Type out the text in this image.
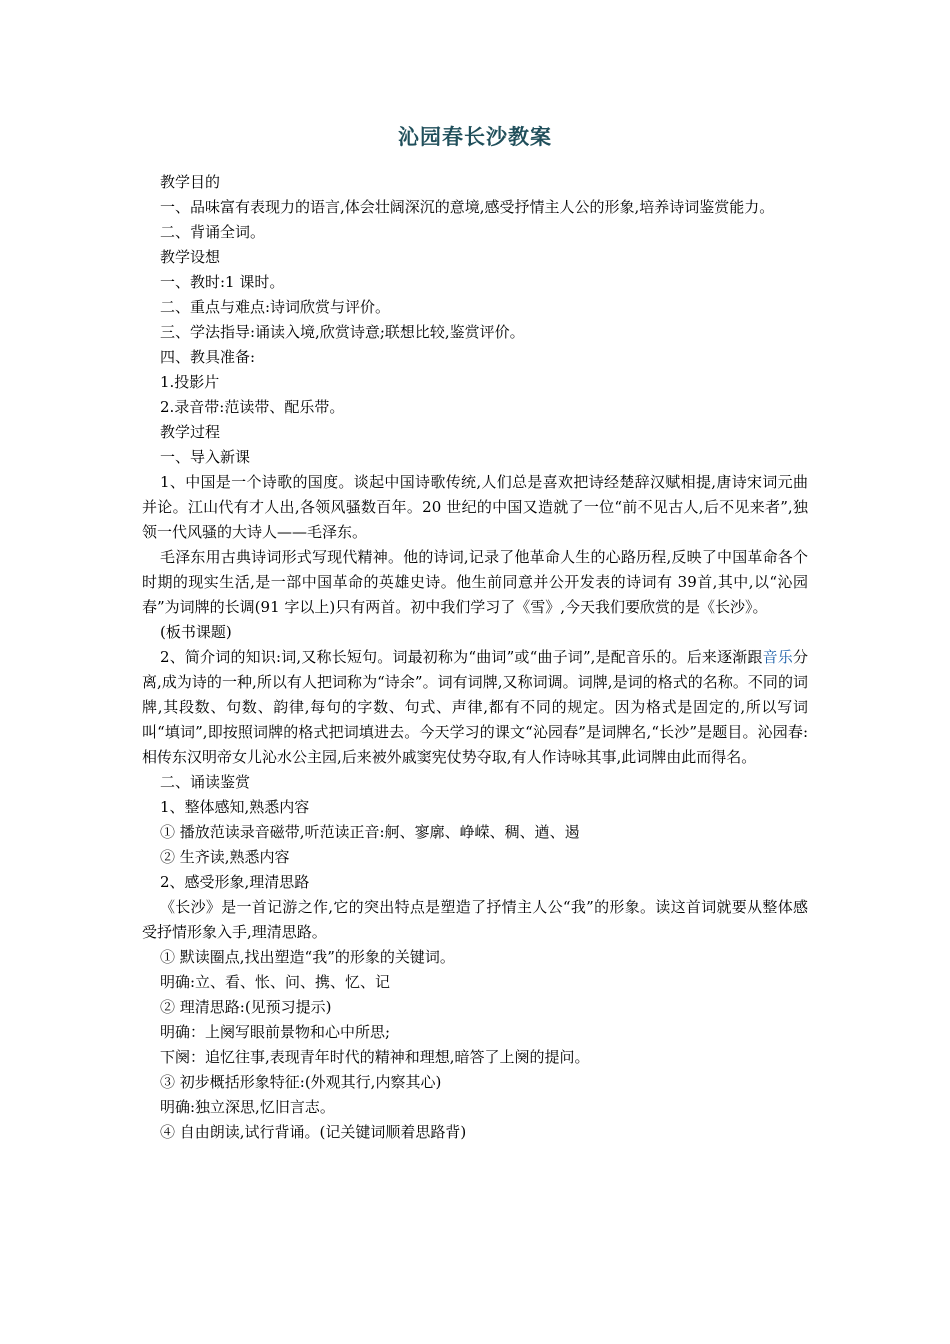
沁园春长沙教案

教学目的

一、品味富有表现力的语言,体会壮阔深沉的意境,感受抒情主人公的形象,培养诗词鉴赏能力。

二、背诵全词。

教学设想

一、教时:1 课时。

二、重点与难点:诗词欣赏与评价。

三、学法指导:诵读入境,欣赏诗意;联想比较,鉴赏评价。

四、教具准备:

1.投影片

2.录音带:范读带、配乐带。

教学过程

一、导入新课

1、中国是一个诗歌的国度。谈起中国诗歌传统,人们总是喜欢把诗经楚辞汉赋相提,唐诗宋词元曲并论。江山代有才人出,各领风骚数百年。20 世纪的中国又造就了一位“前不见古人,后不见来者”,独领一代风骚的大诗人——毛泽东。

毛泽东用古典诗词形式写现代精神。他的诗词,记录了他革命人生的心路历程,反映了中国革命各个时期的现实生活,是一部中国革命的英雄史诗。他生前同意并公开发表的诗词有 39首,其中,以“沁园春”为词牌的长调(91 字以上)只有两首。初中我们学习了《雪》,今天我们要欣赏的是《长沙》。

(板书课题)

2、简介词的知识:词,又称长短句。词最初称为“曲词”或“曲子词”,是配音乐的。后来逐渐跟音乐分离,成为诗的一种,所以有人把词称为“诗余”。词有词牌,又称词调。词牌,是词的格式的名称。不同的词牌,其段数、句数、韵律,每句的字数、句式、声律,都有不同的规定。因为格式是固定的,所以写词叫“填词”,即按照词牌的格式把词填进去。今天学习的课文“沁园春”是词牌名,“长沙”是题目。沁园春:相传东汉明帝女儿沁水公主园,后来被外戚窦宪仗势夺取,有人作诗咏其事,此词牌由此而得名。

二、诵读鉴赏

1、整体感知,熟悉内容

① 播放范读录音磁带,听范读正音:舸、寥廓、峥嵘、稠、遒、遏

② 生齐读,熟悉内容

2、感受形象,理清思路

《长沙》是一首记游之作,它的突出特点是塑造了抒情主人公“我”的形象。读这首词就要从整体感受抒情形象入手,理清思路。

① 默读圈点,找出塑造“我”的形象的关键词。

明确:立、看、怅、问、携、忆、记

② 理清思路:(见预习提示)

明确：上阕写眼前景物和心中所思;

下阕：追忆往事,表现青年时代的精神和理想,暗答了上阕的提问。

③ 初步概括形象特征:(外观其行,内察其心)

明确:独立深思,忆旧言志。

④ 自由朗读,试行背诵。(记关键词顺着思路背)
